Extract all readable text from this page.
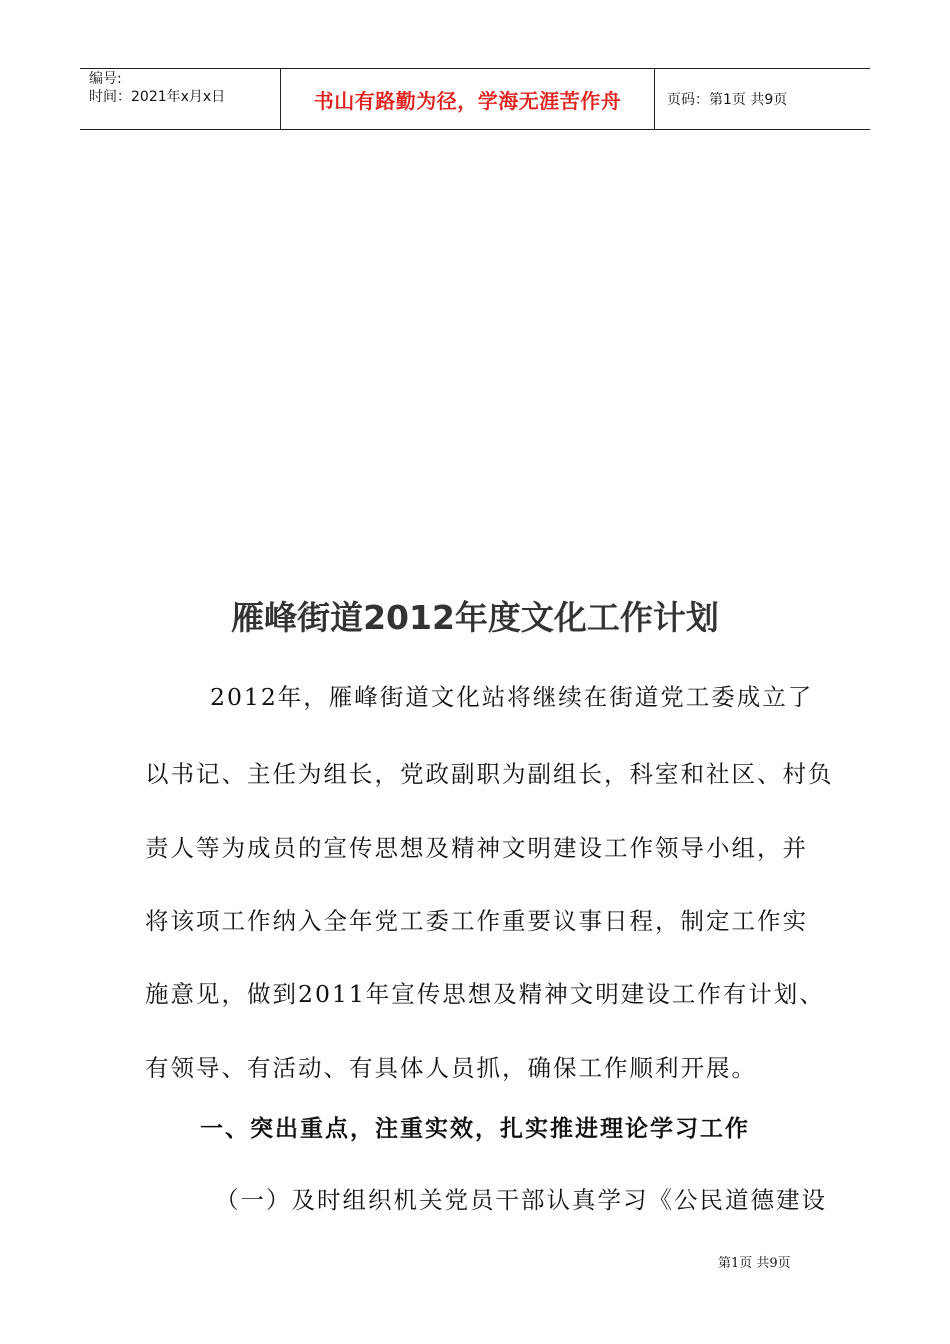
编号:
时间：2021年x月x日	书山有路勤为径，学海无涯苦作舟	页码：第1页 共9页
雁峰街道2012年度文化工作计划
2012年，雁峰街道文化站将继续在街道党工委成立了
以书记、主任为组长，党政副职为副组长，科室和社区、村负
责人等为成员的宣传思想及精神文明建设工作领导小组，并
将该项工作纳入全年党工委工作重要议事日程，制定工作实
施意见，做到2011年宣传思想及精神文明建设工作有计划、
有领导、有活动、有具体人员抓，确保工作顺利开展。
一、突出重点，注重实效，扎实推进理论学习工作
（一）及时组织机关党员干部认真学习《公民道德建设
第1页 共9页
